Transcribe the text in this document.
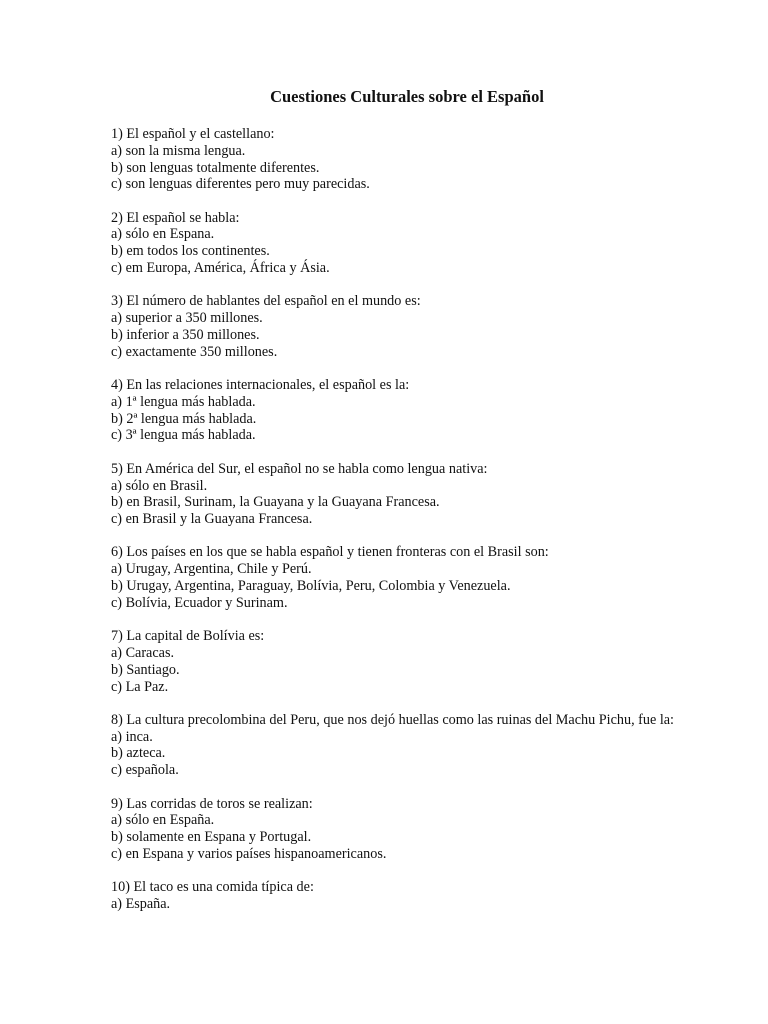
Cuestiones Culturales sobre el Español
1) El español y el castellano:
a) son la misma lengua.
b) son lenguas totalmente diferentes.
c) son lenguas diferentes pero muy parecidas.
2) El español se habla:
a) sólo en Espana.
b) em todos los continentes.
c) em Europa, América, África y Ásia.
3) El número de hablantes del español en el mundo es:
a) superior a 350 millones.
b) inferior a 350 millones.
c) exactamente 350 millones.
4) En las relaciones internacionales, el español es la:
a) 1ª lengua más hablada.
b) 2ª lengua más hablada.
c) 3ª lengua más hablada.
5) En América del Sur, el español no se habla como lengua nativa:
a) sólo en Brasil.
b) en Brasil, Surinam, la Guayana y la Guayana Francesa.
c) en Brasil y la Guayana Francesa.
6) Los países en los que se habla español y tienen fronteras con el Brasil son:
a) Urugay, Argentina, Chile y Perú.
b) Urugay, Argentina, Paraguay, Bolívia, Peru, Colombia y Venezuela.
c) Bolívia, Ecuador y Surinam.
7) La capital de Bolívia es:
a) Caracas.
b) Santiago.
c) La Paz.
8) La cultura precolombina del Peru, que nos dejó huellas como las ruinas del Machu Pichu, fue la:
a) inca.
b) azteca.
c) española.
9) Las corridas de toros se realizan:
a) sólo en España.
b) solamente en Espana y Portugal.
c) en Espana y varios países hispanoamericanos.
10) El taco es una comida típica de:
a) España.
